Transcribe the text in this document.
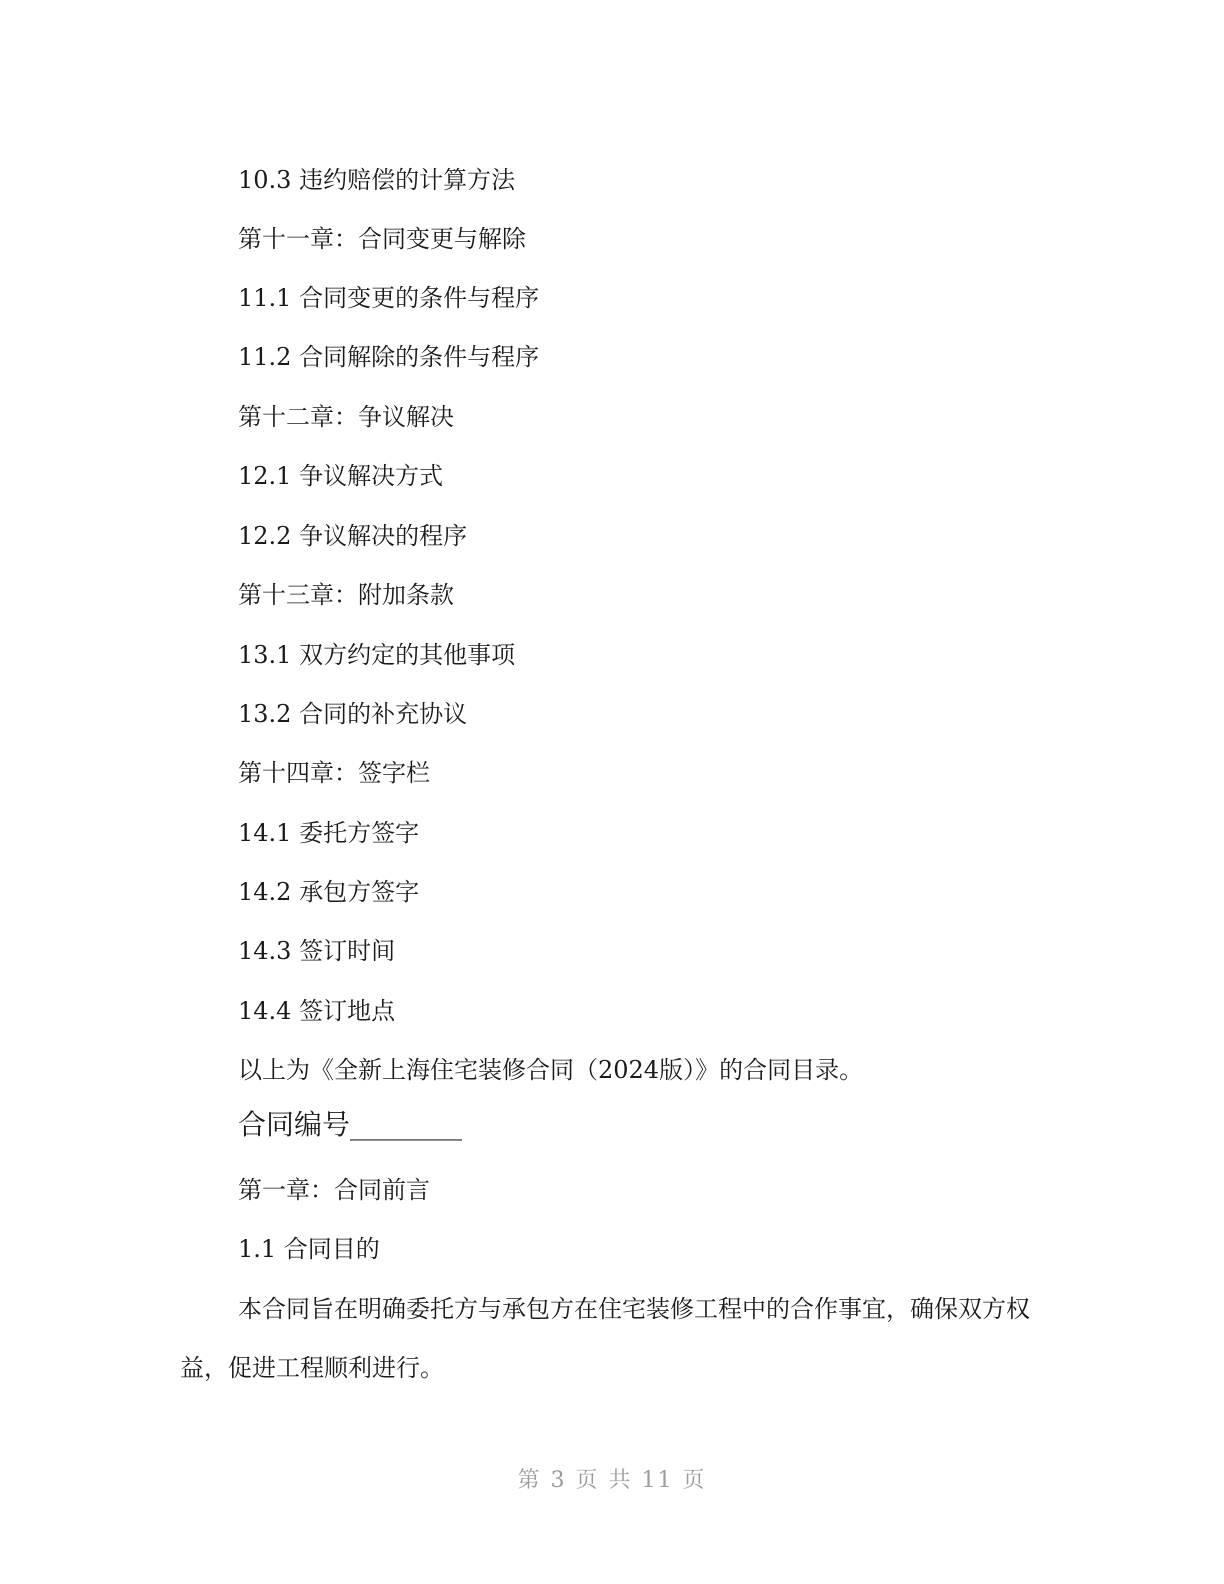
10.3 违约赔偿的计算方法
第十一章：合同变更与解除
11.1 合同变更的条件与程序
11.2 合同解除的条件与程序
第十二章：争议解决
12.1 争议解决方式
12.2 争议解决的程序
第十三章：附加条款
13.1 双方约定的其他事项
13.2 合同的补充协议
第十四章：签字栏
14.1 委托方签字
14.2 承包方签字
14.3 签订时间
14.4 签订地点
以上为《全新上海住宅装修合同（2024版）》的合同目录。
合同编号________
第一章：合同前言
1.1 合同目的
本合同旨在明确委托方与承包方在住宅装修工程中的合作事宜，确保双方权
益，促进工程顺利进行。
第 3 页 共 11 页
